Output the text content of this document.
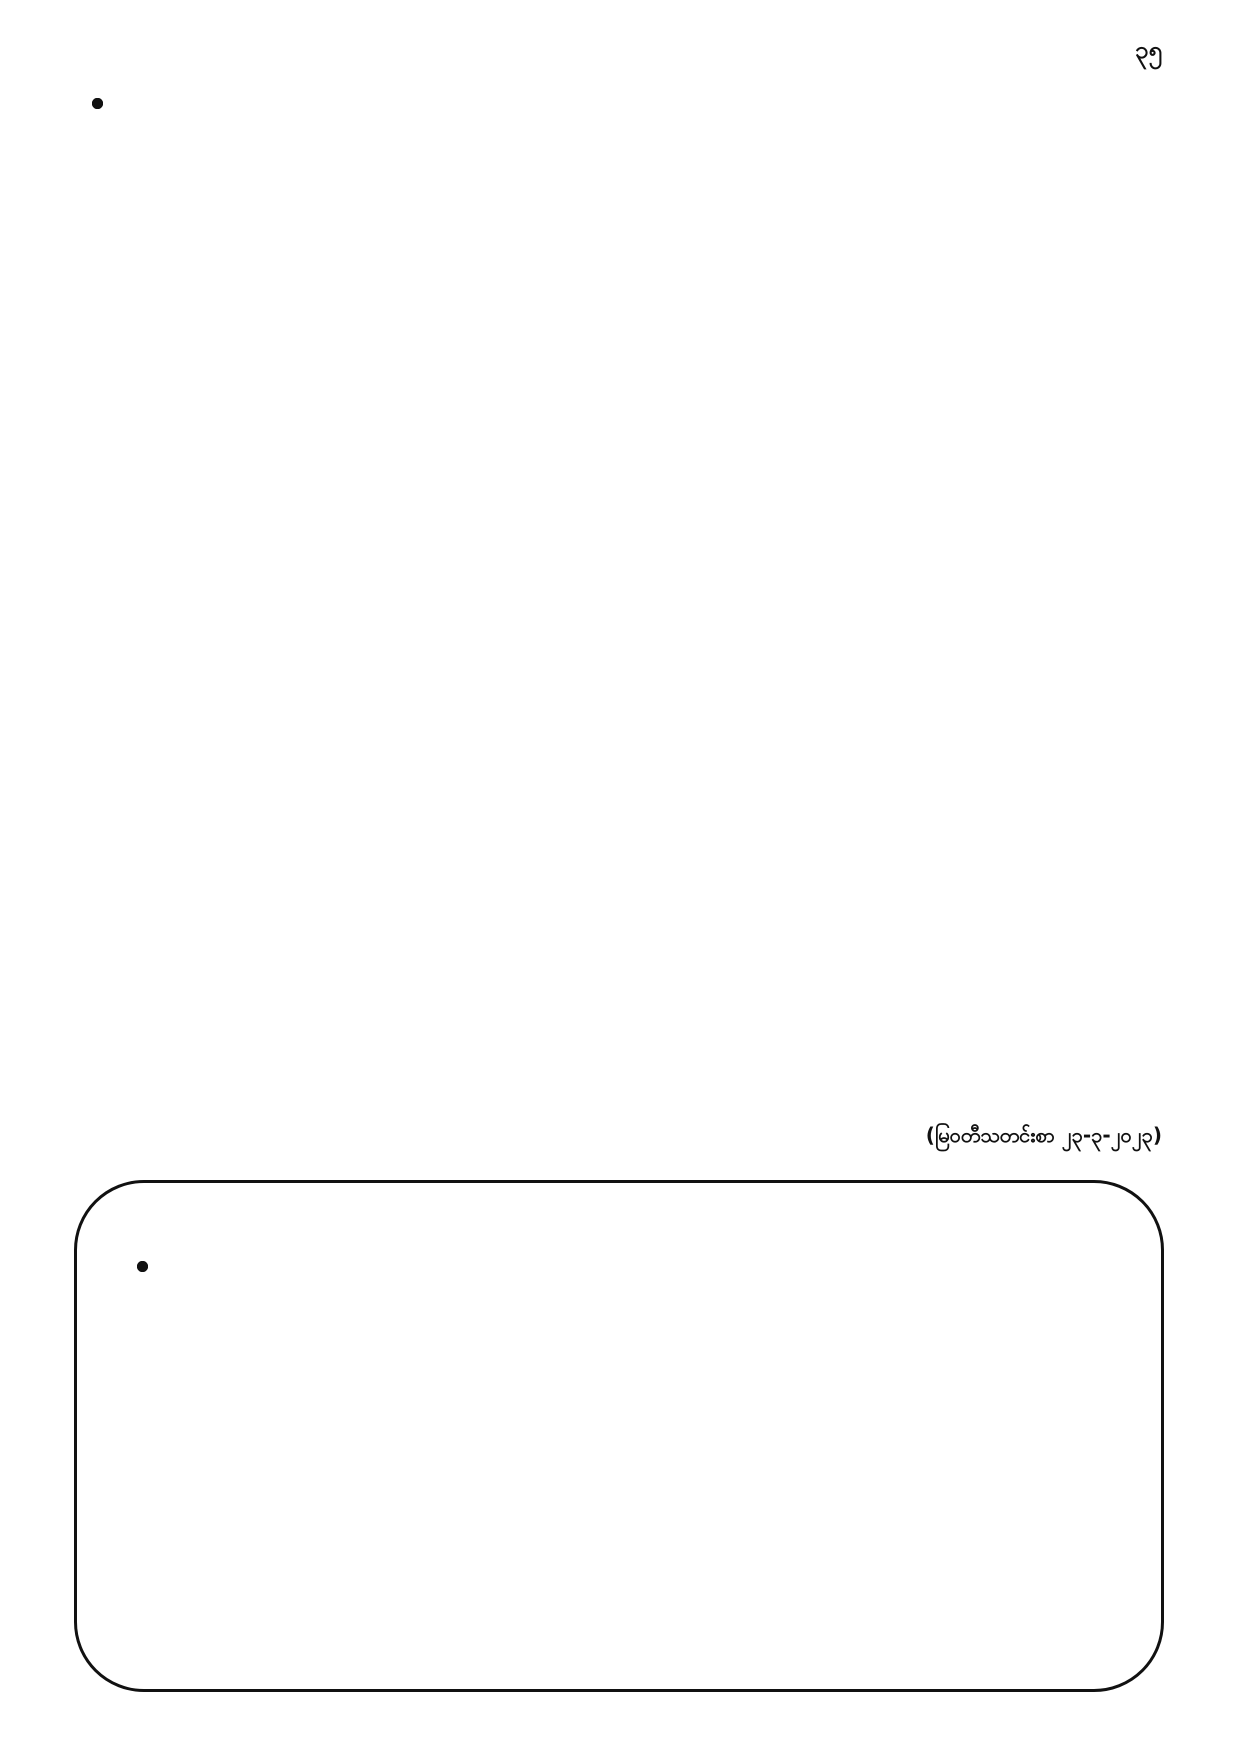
၃၅

(မြဝတီသတင်းစာ ၂၃-၃-၂၀၂၃)
